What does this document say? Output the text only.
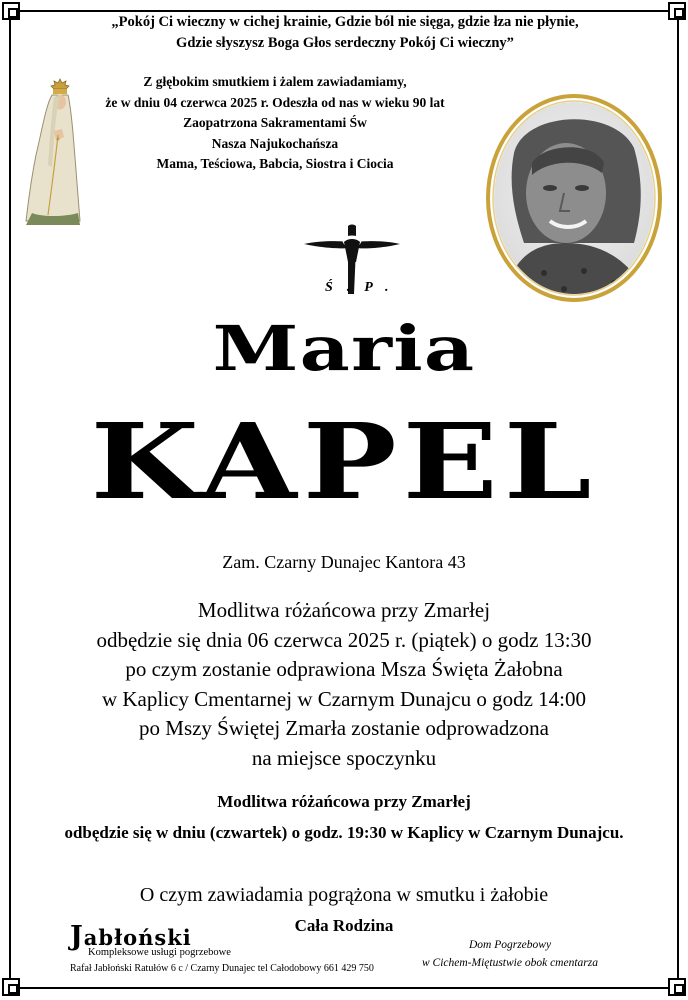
„Pokój Ci wieczny w cichej krainie, Gdzie ból nie sięga, gdzie łza nie płynie,
Gdzie słyszysz Boga Głos serdeczny Pokój Ci wieczny”
Z głębokim smutkiem i żalem zawiadamiamy,
że w dniu 04 czerwca 2025 r. Odeszła od nas w wieku 90 lat
Zaopatrzona Sakramentami Św
Nasza Najukochańsza
Mama, Teściowa, Babcia, Siostra i Ciocia
Ś.P.
Maria
KAPEL
Zam. Czarny Dunajec Kantora 43
Modlitwa różańcowa przy Zmarłej
odbędzie się dnia 06 czerwca 2025 r. (piątek) o godz 13:30
po czym zostanie odprawiona Msza Święta Żałobna
w Kaplicy Cmentarnej w Czarnym Dunajcu o godz 14:00
po Mszy Świętej Zmarła zostanie odprowadzona
na miejsce spoczynku
Modlitwa różańcowa przy Zmarłej
odbędzie się w dniu (czwartek) o godz. 19:30 w Kaplicy w Czarnym Dunajcu.
O czym zawiadamia pogrążona w smutku i żałobie
Cała Rodzina
Jabłoński
Kompleksowe usługi pogrzebowe
Rafał Jabłoński Ratułów 6 c / Czarny Dunajec tel Całodobowy 661 429 750
Dom Pogrzebowy
w Cichem-Miętustwie obok cmentarza
